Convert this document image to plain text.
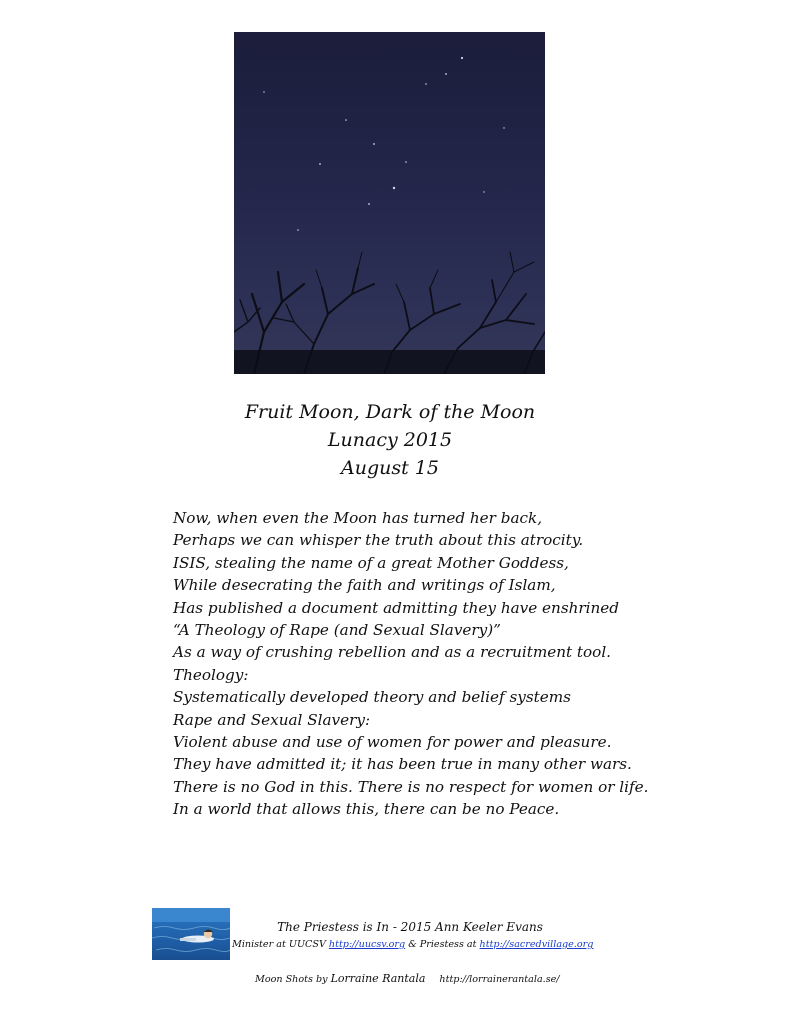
Fruit Moon, Dark of the Moon
Lunacy 2015
August 15
Now, when even the Moon has turned her back,
Perhaps we can whisper the truth about this atrocity.
ISIS, stealing the name of a great Mother Goddess,
While desecrating the faith and writings of Islam,
Has published a document admitting they have enshrined
“A Theology of Rape (and Sexual Slavery)”
As a way of crushing rebellion and as a recruitment tool.
Theology:
Systematically developed theory and belief systems
Rape and Sexual Slavery:
Violent abuse and use of women for power and pleasure.
They have admitted it; it has been true in many other wars.
There is no God in this. There is no respect for women or life.
In a world that allows this, there can be no Peace.
The Priestess is In - 2015 Ann Keeler Evans
Minister at UUCSV http://uucsv.org & Priestess at http://sacredvillage.org
Moon Shots by Lorraine Rantala http://lorrainerantala.se/
